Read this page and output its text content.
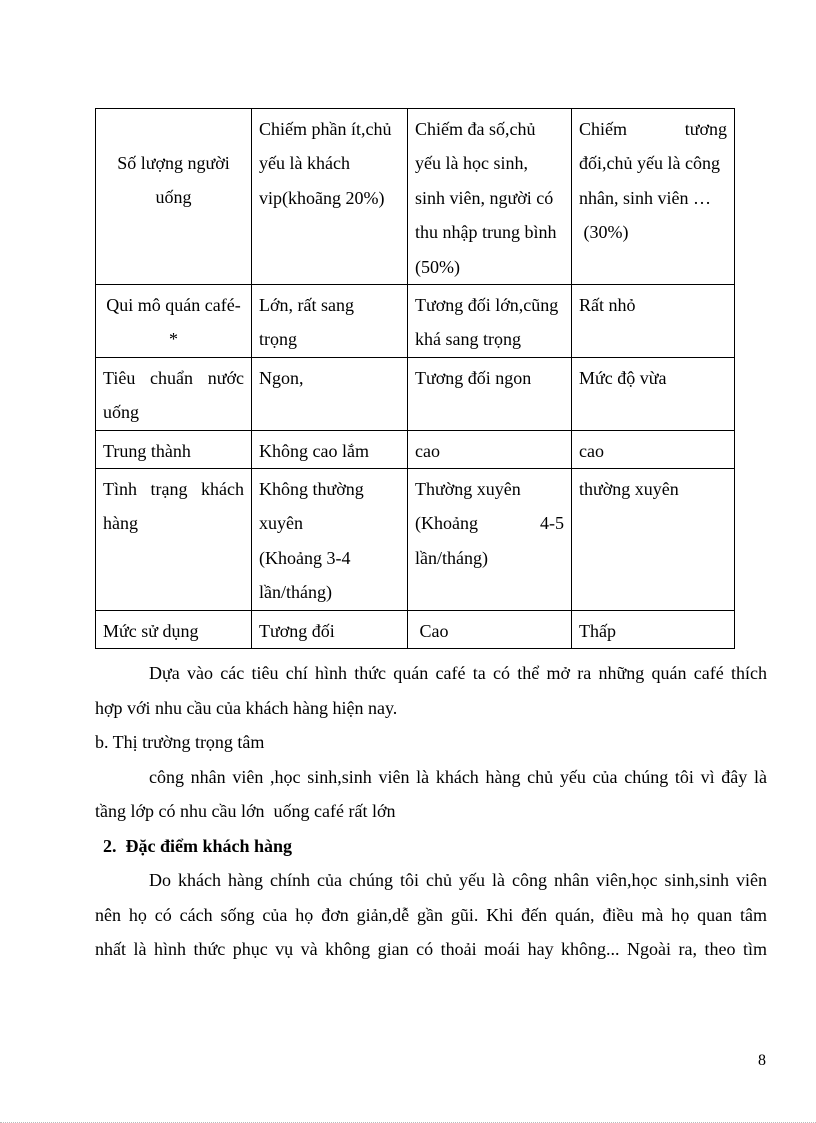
Số lượng người
uống	Chiếm phần ít,chủ
yếu là khách
vip(khoãng 20%)	Chiếm đa số,chủ
yếu là học sinh,
sinh viên, người có
thu nhập trung bình
(50%)	Chiếm tương
đối,chủ yếu là công
nhân, sinh viên …
(30%)

Qui mô quán café-
*	Lớn, rất sang
trọng	Tương đối lớn,cũng
khá sang trọng	Rất nhỏ

Tiêu chuẩn nước
uống	Ngon,	Tương đối ngon	Mức độ vừa

Trung thành	Không cao lắm	cao	cao

Tình trạng khách
hàng	Không thường
xuyên
(Khoảng 3-4
lần/tháng)	Thường xuyên
(Khoảng 4-5
lần/tháng)	thường xuyên

Mức sử dụng	Tương đối	Cao	Thấp
Dựa vào các tiêu chí hình thức quán café ta có thể mở ra những quán café thích
hợp với nhu cầu của khách hàng hiện nay.
b. Thị trường trọng tâm
công nhân viên ,học sinh,sinh viên là khách hàng chủ yếu của chúng tôi vì đây là
tầng lớp có nhu cầu lớn  uống café rất lớn
2.  Đặc điểm khách hàng
Do khách hàng chính của chúng tôi chủ yếu là công nhân viên,học sinh,sinh viên
nên họ có cách sống của họ đơn giản,dễ gần gũi. Khi đến quán, điều mà họ quan tâm
nhất là hình thức phục vụ và không gian có thoải moái hay không... Ngoài ra, theo tìm
8
